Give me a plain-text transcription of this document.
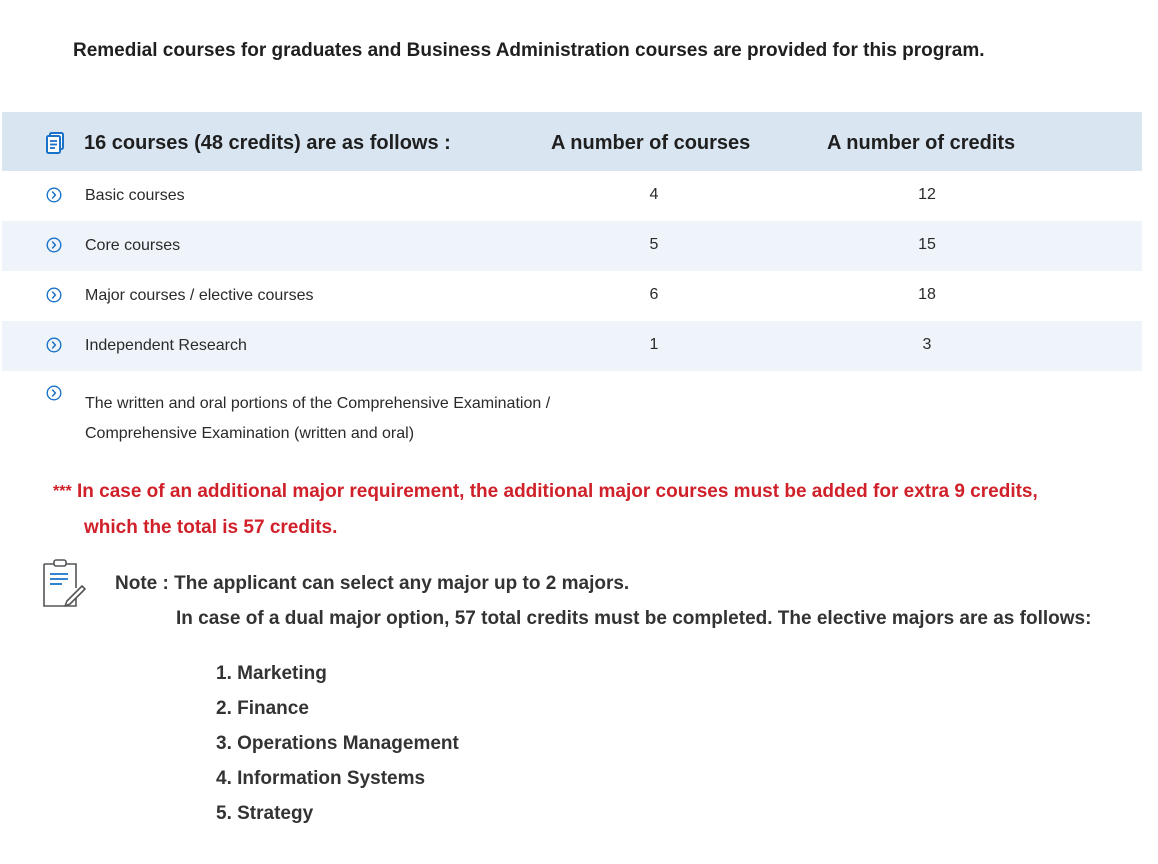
Remedial courses for graduates and Business Administration courses are provided for this program.
16 courses (48 credits) are as follows :	A number of courses	A number of credits
Basic courses	4	12
Core courses	5	15
Major courses / elective courses	6	18
Independent Research	1	3
The written and oral portions of the Comprehensive Examination / Comprehensive Examination (written and oral)
*** In case of an additional major requirement, the additional major courses must be added for extra 9 credits,
which the total is 57 credits.
Note : The applicant can select any major up to 2 majors.
In case of a dual major option, 57 total credits must be completed. The elective majors are as follows:
1. Marketing
2. Finance
3. Operations Management
4. Information Systems
5. Strategy
